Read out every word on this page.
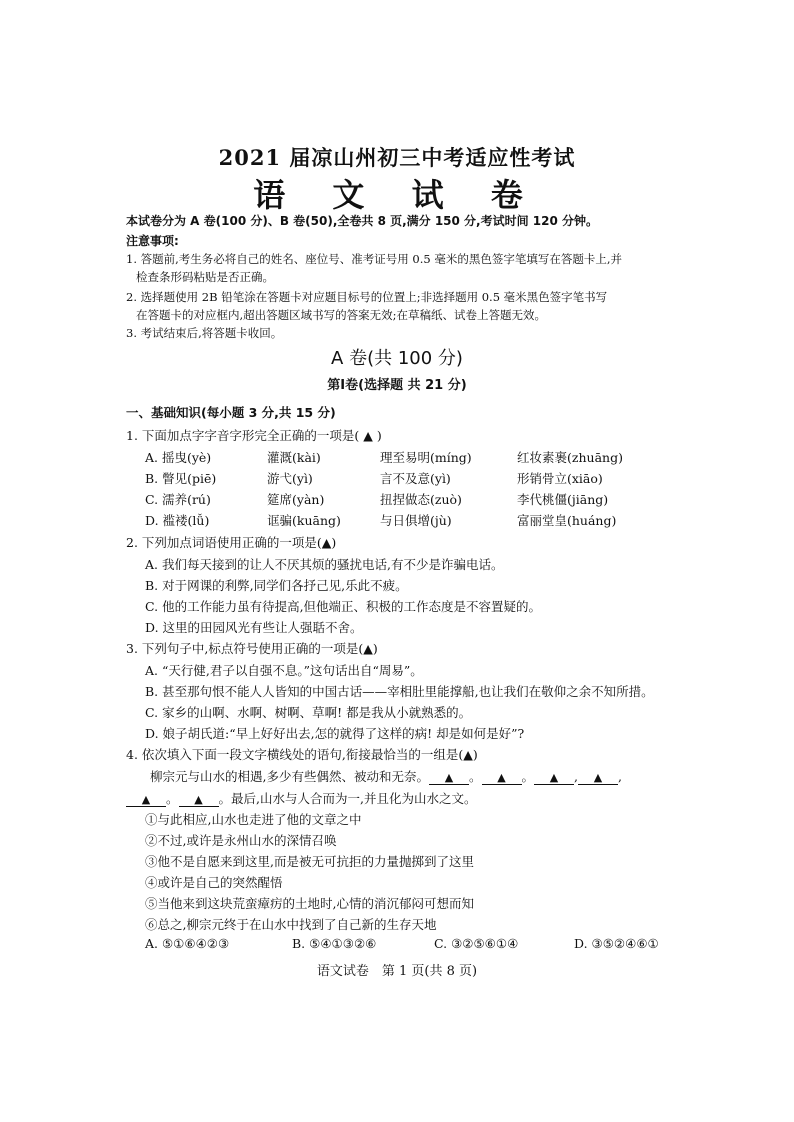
2021 届凉山州初三中考适应性考试
语 文 试 卷
本试卷分为 A 卷(100 分)、B 卷(50),全卷共 8 页,满分 150 分,考试时间 120 分钟。
注意事项:
1. 答题前,考生务必将自己的姓名、座位号、准考证号用 0.5 毫米的黑色签字笔填写在答题卡上,并
检查条形码粘贴是否正确。
2. 选择题使用 2B 铅笔涂在答题卡对应题目标号的位置上;非选择题用 0.5 毫米黑色签字笔书写
在答题卡的对应框内,超出答题区域书写的答案无效;在草稿纸、试卷上答题无效。
3. 考试结束后,将答题卡收回。
A 卷(共 100 分)
第Ⅰ卷(选择题 共 21 分)
一、基础知识(每小题 3 分,共 15 分)
1. 下面加点字字音字形完全正确的一项是( ▲ )
A. 摇曳(yè)	灌溉(kài)	理至易明(míng)	红妆素裹(zhuāng)
B. 瞥见(piē)	游弋(yì)	言不及意(yì)	形销骨立(xiāo)
C. 濡养(rú)	筵席(yàn)	扭捏做态(zuò)	李代桃僵(jiāng)
D. 褴褛(lǚ)	诓骗(kuāng)	与日俱增(jù)	富丽堂皇(huáng)
2. 下列加点词语使用正确的一项是(▲)
A. 我们每天接到的让人不厌其烦的骚扰电话,有不少是诈骗电话。
B. 对于网课的利弊,同学们各抒己见,乐此不疲。
C. 他的工作能力虽有待提高,但他端正、积极的工作态度是不容置疑的。
D. 这里的田园风光有些让人强聒不舍。
3. 下列句子中,标点符号使用正确的一项是(▲)
A. “天行健,君子以自强不息。”这句话出自“周易”。
B. 甚至那句恨不能人人皆知的中国古话——宰相肚里能撑船,也让我们在敬仰之余不知所措。
C. 家乡的山啊、水啊、树啊、草啊! 都是我从小就熟悉的。
D. 娘子胡氏道:“早上好好出去,怎的就得了这样的病! 却是如何是好”?
4. 依次填入下面一段文字横线处的语句,衔接最恰当的一组是(▲)
柳宗元与山水的相遇,多少有些偶然、被动和无奈。 ▲ 。 ▲ 。 ▲ , ▲ ,
▲ 。 ▲ 。最后,山水与人合而为一,并且化为山水之文。
①与此相应,山水也走进了他的文章之中
②不过,或许是永州山水的深情召唤
③他不是自愿来到这里,而是被无可抗拒的力量抛掷到了这里
④或许是自己的突然醒悟
⑤当他来到这块荒蛮瘴疠的土地时,心情的消沉郁闷可想而知
⑥总之,柳宗元终于在山水中找到了自己新的生存天地
A. ⑤①⑥④②③	B. ⑤④①③②⑥	C. ③②⑤⑥①④	D. ③⑤②④⑥①
语文试卷　第 1 页(共 8 页)
